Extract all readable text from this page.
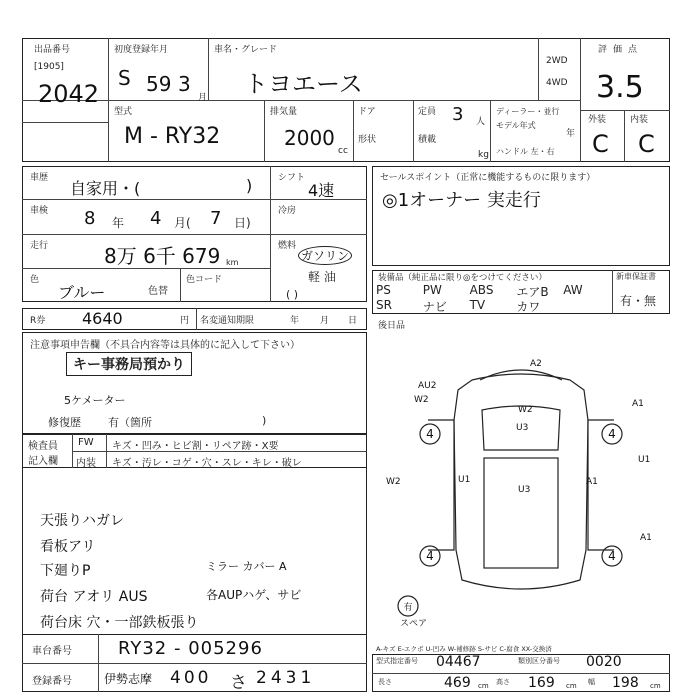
出品番号
[1905]
2042
初度登録年月
S 59 3
月
車名・グレード
トヨエース
2WD
4WD
評価点
3.5
型式
M - RY32
排気量
2000
cc
ドア
形状
定員 3 人
積載
kg
ディーラー・並行
モデル年式
年
ハンドル 左・右
外装	内装
C C
車歴
自家用・(	)
車検 8 年 4 月( 7 日)
走行	8万 6千 679 km
色
ブルー	色替
色コード
シフト
4速
冷房
燃料
ガソリン
軽 油
( )
セールスポイント（正常に機能するものに限ります）
◎1オーナー 実走行
装備品（純正品に限り◎をつけてください）
PS	PW	ABS	エアB	AW
SR	ナビ	TV	カワ
新車保証書
有・無
R券 4640	円 名変通知期限	年 月 日 後日品
注意事項申告欄（不具合内容等は具体的に記入して下さい）
キー事務局預かり
5ケメーター
修復歴 有（箇所	)
検査員
記入欄
FW キズ・凹み・ヒビ割・リペア跡・X要
内装 キズ・汚レ・コゲ・穴・スレ・キレ・破レ
天張りハガレ
看板アリ
下廻りP
荷台 アオリ AUS
荷台床 穴・一部鉄板張り
ミラー カバー A
各AUPハゲ、サビ
A2
AU2
W2	A1
W2
U3
U1
U3
A1
W2
A1
U1
4	4
4	4
有
スペア
A-キズ E-エクボ U-凹み W-補修跡 S-サビ C-腐食 XX-交換済
車台番号	RY32 - 005296
登録番号	伊勢志摩 400 さ 2431
型式指定番号 04467	類別区分番号 0020
長さ	469 cm 高さ 169 cm 幅 198 cm
